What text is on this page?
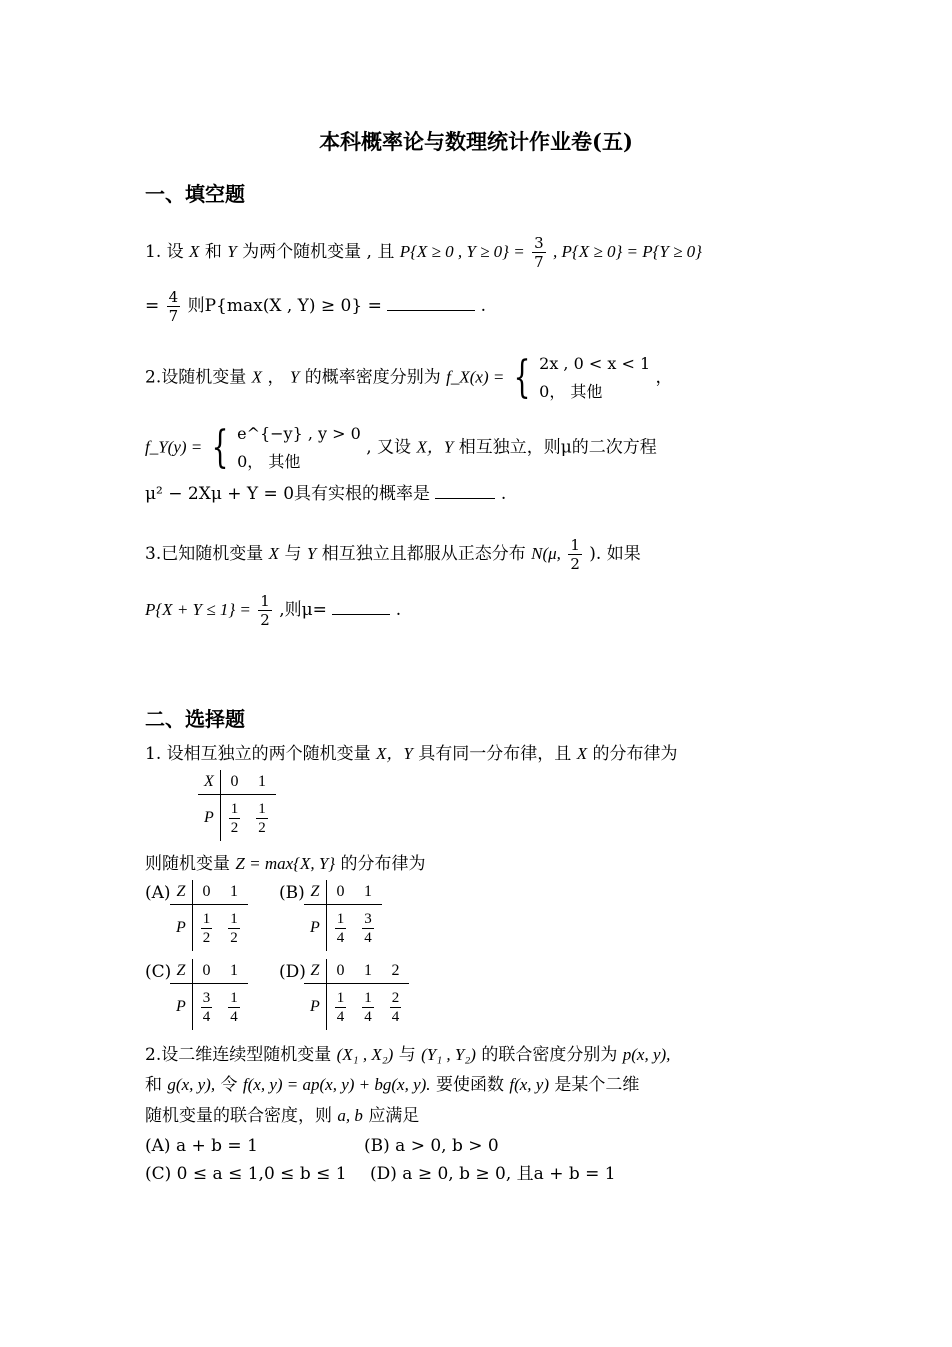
本科概率论与数理统计作业卷(五)
一、填空题
1. 设 X 和 Y 为两个随机变量 , 且 P{X ≥ 0 , $Y \ge 0\} = \frac{3}{7}$ , P{X ≥ 0} = P{Y ≥ 0}
= $\frac{4}{7}$ 则P{max(X , Y) ≥ 0} =	.
2.设随机变量 X ， Y 的概率密度分别为 f_X(x) = { 2x , 0 < x < 1
0， 其他
，
f_Y(y) = { e^{−y} , y > 0
0， 其他
, 又设 X，Y 相互独立，则μ的二次方程
μ² − 2Xμ + Y = 0具有实根的概率是	.
3.已知随机变量 X 与 Y 相互独立且都服从正态分布 N(μ, $\frac{1}{2}$ ). 如果
$P\{X + Y \le 1\} = \frac{1}{2}$ ,则μ=	.
二、选择题
1. 设相互独立的两个随机变量 X，Y 具有同一分布律，且 X 的分布律为
X	0	1
P	$\frac{1}{2}$	$\frac{1}{2}$
则随机变量 Z = max{X, Y} 的分布律为
(A) Z	0	1
P	$\frac{1}{2}$	$\frac{1}{2}$
(B) Z	0	1
P	$\frac{1}{4}$	$\frac{3}{4}$
(C) Z	0	1
P	$\frac{3}{4}$	$\frac{1}{4}$
(D) Z	0	1	2
P	$\frac{1}{4}$	$\frac{1}{4}$	$\frac{2}{4}$
2.设二维连续型随机变量 (X₁ , X₂) 与 (Y₁ , Y₂) 的联合密度分别为 p(x, y),
和 g(x, y), 令 f(x, y) = ap(x, y) + bg(x, y). 要使函数 f(x, y) 是某个二维
随机变量的联合密度，则 a, b 应满足
(A) a + b = 1	(B) a > 0, b > 0
(C) 0 ≤ a ≤ 1,0 ≤ b ≤ 1 (D) a ≥ 0, b ≥ 0, 且a + b = 1
